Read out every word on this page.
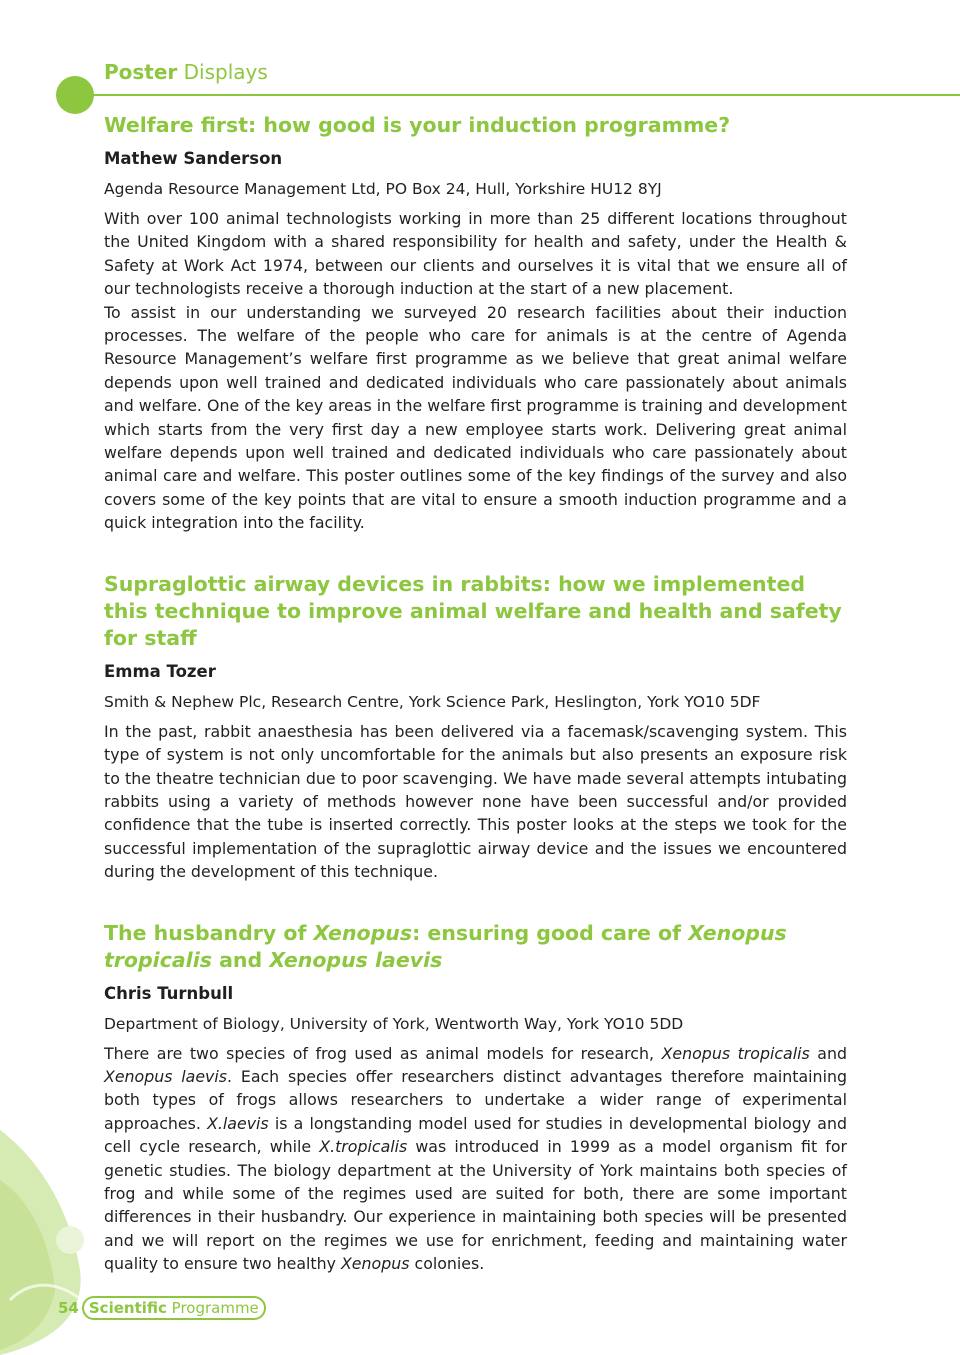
Poster Displays
Welfare first: how good is your induction programme?
Mathew Sanderson
Agenda Resource Management Ltd, PO Box 24, Hull, Yorkshire HU12 8YJ

With over 100 animal technologists working in more than 25 different locations throughout the United Kingdom with a shared responsibility for health and safety, under the Health & Safety at Work Act 1974, between our clients and ourselves it is vital that we ensure all of our technologists receive a thorough induction at the start of a new placement.

To assist in our understanding we surveyed 20 research facilities about their induction processes. The welfare of the people who care for animals is at the centre of Agenda Resource Management’s welfare first programme as we believe that great animal welfare depends upon well trained and dedicated individuals who care passionately about animals and welfare. One of the key areas in the welfare first programme is training and development which starts from the very first day a new employee starts work. Delivering great animal welfare depends upon well trained and dedicated individuals who care passionately about animal care and welfare. This poster outlines some of the key findings of the survey and also covers some of the key points that are vital to ensure a smooth induction programme and a quick integration into the facility.

Supraglottic airway devices in rabbits: how we implemented this technique to improve animal welfare and health and safety for staff
Emma Tozer
Smith & Nephew Plc, Research Centre, York Science Park, Heslington, York YO10 5DF

In the past, rabbit anaesthesia has been delivered via a facemask/scavenging system. This type of system is not only uncomfortable for the animals but also presents an exposure risk to the theatre technician due to poor scavenging. We have made several attempts intubating rabbits using a variety of methods however none have been successful and/or provided confidence that the tube is inserted correctly. This poster looks at the steps we took for the successful implementation of the supraglottic airway device and the issues we encountered during the development of this technique.

The husbandry of Xenopus: ensuring good care of Xenopus tropicalis and Xenopus laevis
Chris Turnbull
Department of Biology, University of York, Wentworth Way, York YO10 5DD

There are two species of frog used as animal models for research, Xenopus tropicalis and Xenopus laevis. Each species offer researchers distinct advantages therefore maintaining both types of frogs allows researchers to undertake a wider range of experimental approaches. X.laevis is a longstanding model used for studies in developmental biology and cell cycle research, while X.tropicalis was introduced in 1999 as a model organism fit for genetic studies. The biology department at the University of York maintains both species of frog and while some of the regimes used are suited for both, there are some important differences in their husbandry. Our experience in maintaining both species will be presented and we will report on the regimes we use for enrichment, feeding and maintaining water quality to ensure two healthy Xenopus colonies.

54 Scientific Programme
